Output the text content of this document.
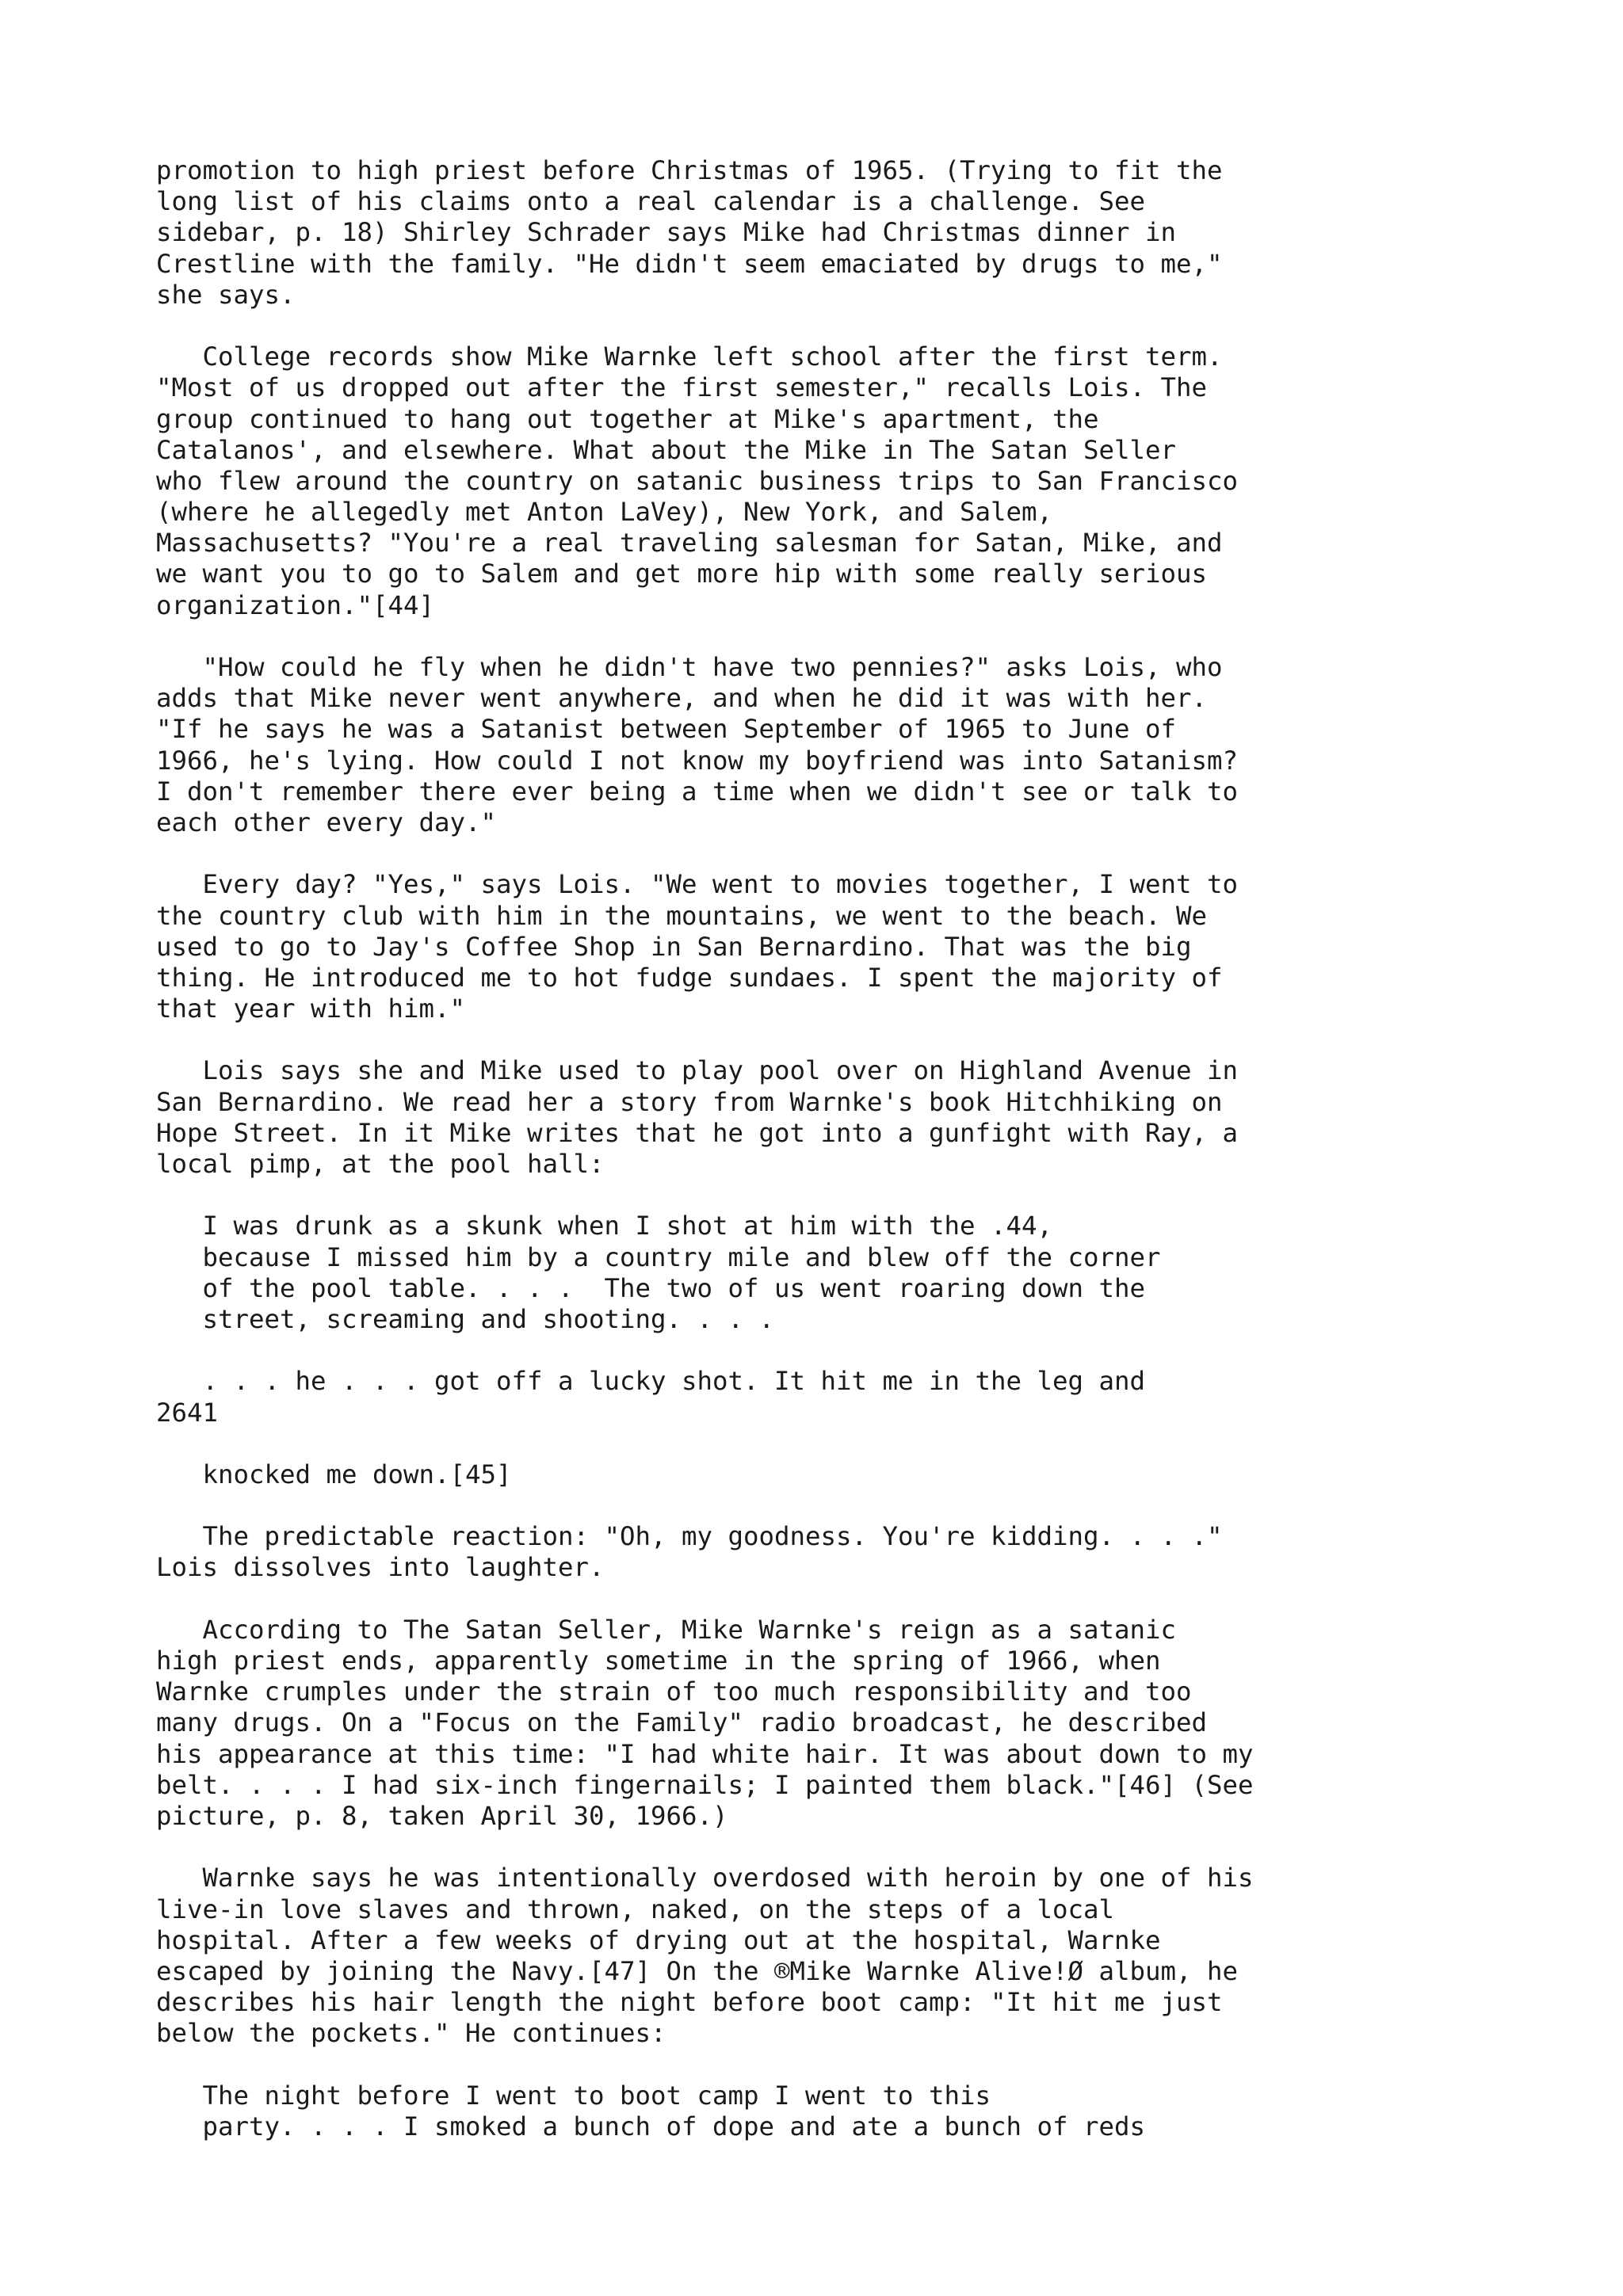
promotion to high priest before Christmas of 1965. (Trying to fit the
long list of his claims onto a real calendar is a challenge. See
sidebar, p. 18) Shirley Schrader says Mike had Christmas dinner in
Crestline with the family. "He didn't seem emaciated by drugs to me,"
she says.
College records show Mike Warnke left school after the first term.
"Most of us dropped out after the first semester," recalls Lois. The
group continued to hang out together at Mike's apartment, the
Catalanos', and elsewhere. What about the Mike in The Satan Seller
who flew around the country on satanic business trips to San Francisco
(where he allegedly met Anton LaVey), New York, and Salem,
Massachusetts? "You're a real traveling salesman for Satan, Mike, and
we want you to go to Salem and get more hip with some really serious
organization."[44]
"How could he fly when he didn't have two pennies?" asks Lois, who
adds that Mike never went anywhere, and when he did it was with her.
"If he says he was a Satanist between September of 1965 to June of
1966, he's lying. How could I not know my boyfriend was into Satanism?
I don't remember there ever being a time when we didn't see or talk to
each other every day."
Every day? "Yes," says Lois. "We went to movies together, I went to
the country club with him in the mountains, we went to the beach. We
used to go to Jay's Coffee Shop in San Bernardino. That was the big
thing. He introduced me to hot fudge sundaes. I spent the majority of
that year with him."
Lois says she and Mike used to play pool over on Highland Avenue in
San Bernardino. We read her a story from Warnke's book Hitchhiking on
Hope Street. In it Mike writes that he got into a gunfight with Ray, a
local pimp, at the pool hall:
I was drunk as a skunk when I shot at him with the .44,
because I missed him by a country mile and blew off the corner
of the pool table. . . .  The two of us went roaring down the
street, screaming and shooting. . . .
. . . he . . . got off a lucky shot. It hit me in the leg and
2641
knocked me down.[45]
The predictable reaction: "Oh, my goodness. You're kidding. . . ."
Lois dissolves into laughter.
According to The Satan Seller, Mike Warnke's reign as a satanic
high priest ends, apparently sometime in the spring of 1966, when
Warnke crumples under the strain of too much responsibility and too
many drugs. On a "Focus on the Family" radio broadcast, he described
his appearance at this time: "I had white hair. It was about down to my
belt. . . . I had six-inch fingernails; I painted them black."[46] (See
picture, p. 8, taken April 30, 1966.)
Warnke says he was intentionally overdosed with heroin by one of his
live-in love slaves and thrown, naked, on the steps of a local
hospital. After a few weeks of drying out at the hospital, Warnke
escaped by joining the Navy.[47] On the ®Mike Warnke Alive!Ø album, he
describes his hair length the night before boot camp: "It hit me just
below the pockets." He continues:
The night before I went to boot camp I went to this
party. . . . I smoked a bunch of dope and ate a bunch of reds
